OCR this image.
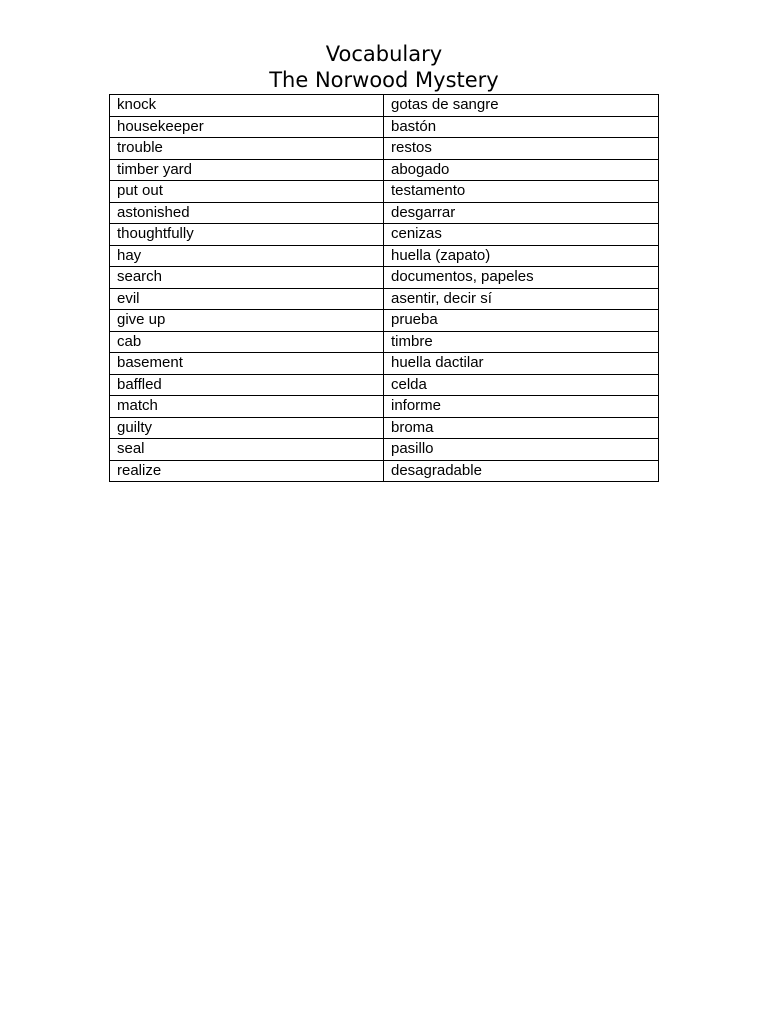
Vocabulary
The Norwood Mystery
knock	gotas de sangre
housekeeper	bastón
trouble	restos
timber yard	abogado
put out	testamento
astonished	desgarrar
thoughtfully	cenizas
hay	huella (zapato)
search	documentos, papeles
evil	asentir, decir sí
give up	prueba
cab	timbre
basement	huella dactilar
baffled	celda
match	informe
guilty	broma
seal	pasillo
realize	desagradable
